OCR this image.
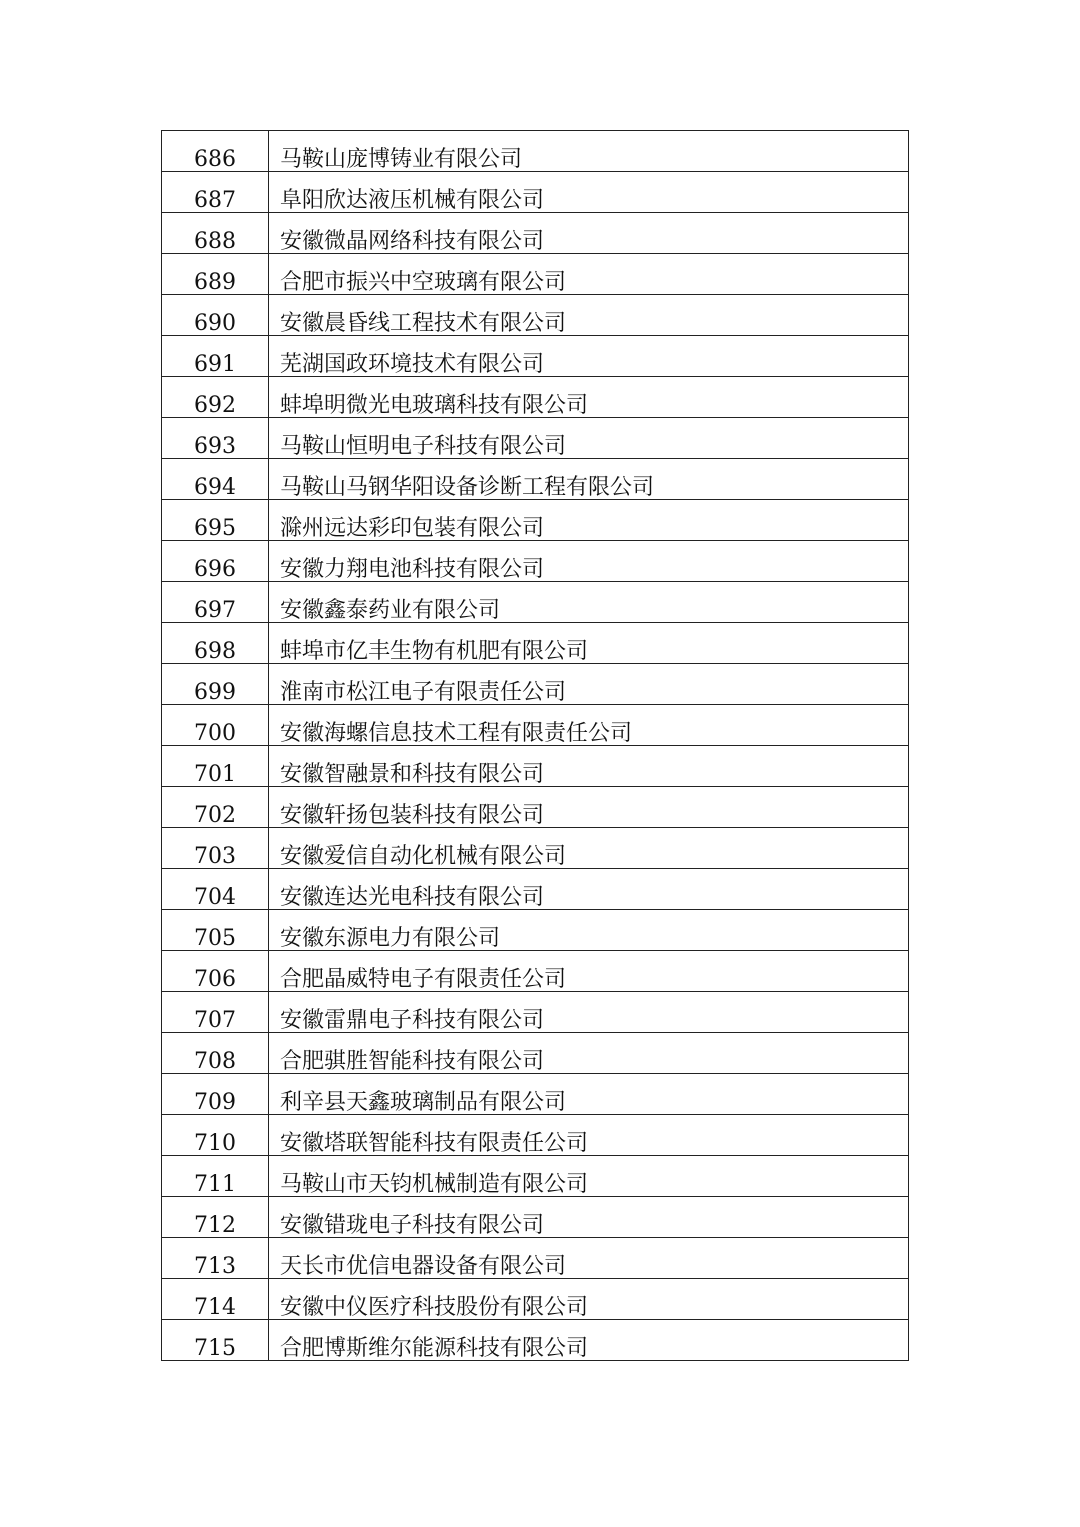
686	马鞍山庞博铸业有限公司
687	阜阳欣达液压机械有限公司
688	安徽微晶网络科技有限公司
689	合肥市振兴中空玻璃有限公司
690	安徽晨昏线工程技术有限公司
691	芜湖国政环境技术有限公司
692	蚌埠明微光电玻璃科技有限公司
693	马鞍山恒明电子科技有限公司
694	马鞍山马钢华阳设备诊断工程有限公司
695	滁州远达彩印包装有限公司
696	安徽力翔电池科技有限公司
697	安徽鑫泰药业有限公司
698	蚌埠市亿丰生物有机肥有限公司
699	淮南市松江电子有限责任公司
700	安徽海螺信息技术工程有限责任公司
701	安徽智融景和科技有限公司
702	安徽轩扬包装科技有限公司
703	安徽爱信自动化机械有限公司
704	安徽连达光电科技有限公司
705	安徽东源电力有限公司
706	合肥晶威特电子有限责任公司
707	安徽雷鼎电子科技有限公司
708	合肥骐胜智能科技有限公司
709	利辛县天鑫玻璃制品有限公司
710	安徽塔联智能科技有限责任公司
711	马鞍山市天钧机械制造有限公司
712	安徽错珑电子科技有限公司
713	天长市优信电器设备有限公司
714	安徽中仪医疗科技股份有限公司
715	合肥博斯维尔能源科技有限公司
